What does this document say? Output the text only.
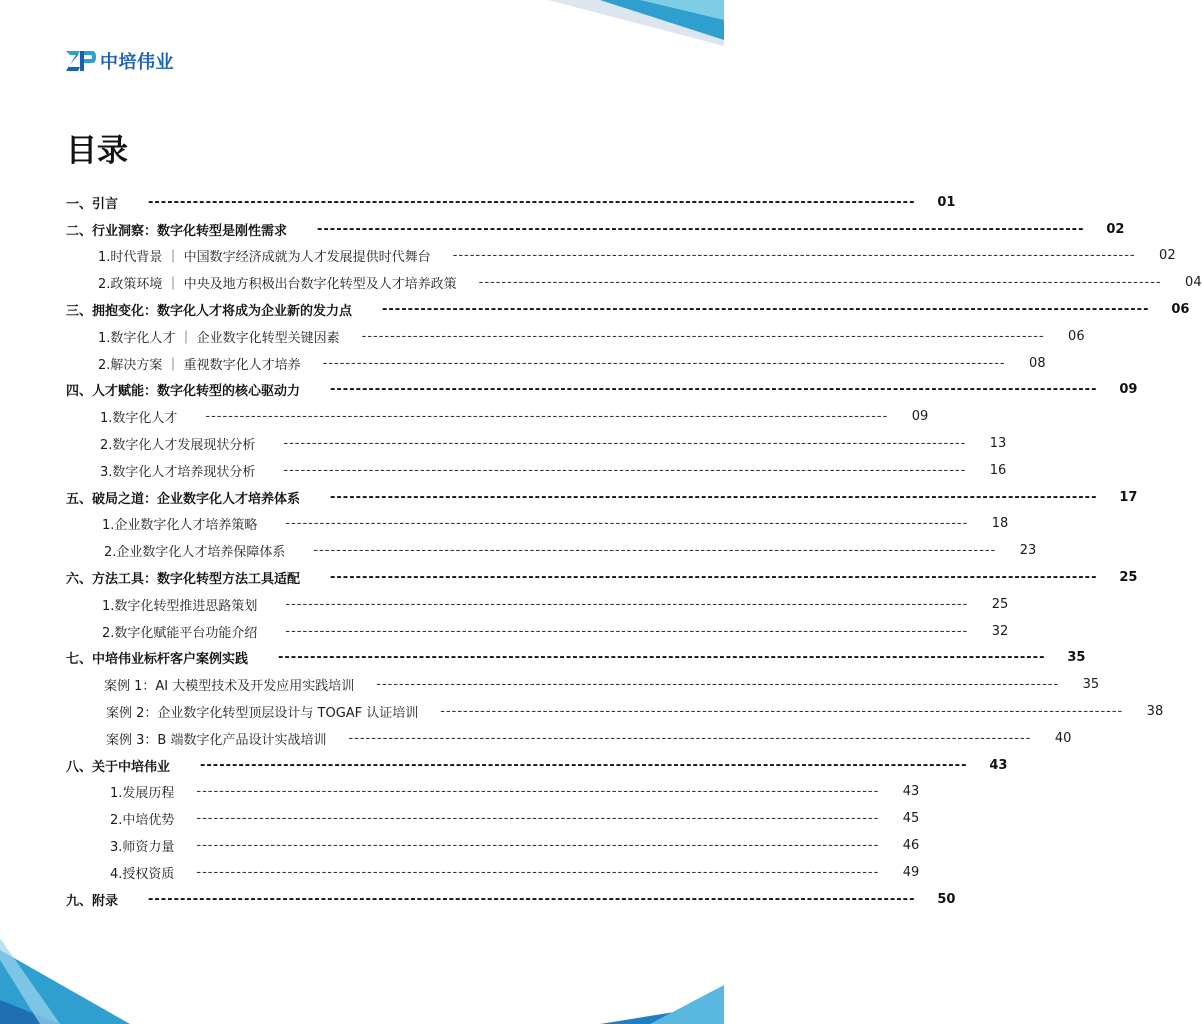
中培伟业
目录
一、引言 ------------------------------------------------------------------------------------------------------------------------	01
二、行业洞察：数字化转型是刚性需求 ------------------------------------------------------------------------------------------------------------------------	02
1.时代背景 ｜ 中国数字经济成就为人才发展提供时代舞台 ------------------------------------------------------------------------------------------------------------------------	02
2.政策环境 ｜ 中央及地方积极出台数字化转型及人才培养政策 ------------------------------------------------------------------------------------------------------------------------	04
三、拥抱变化：数字化人才将成为企业新的发力点 ------------------------------------------------------------------------------------------------------------------------	06
1.数字化人才 ｜ 企业数字化转型关键因素 ------------------------------------------------------------------------------------------------------------------------	06
2.解决方案 ｜ 重视数字化人才培养 ------------------------------------------------------------------------------------------------------------------------	08
四、人才赋能：数字化转型的核心驱动力 ------------------------------------------------------------------------------------------------------------------------	09
1.数字化人才 ------------------------------------------------------------------------------------------------------------------------	09
2.数字化人才发展现状分析 ------------------------------------------------------------------------------------------------------------------------	13
3.数字化人才培养现状分析 ------------------------------------------------------------------------------------------------------------------------	16
五、破局之道：企业数字化人才培养体系 ------------------------------------------------------------------------------------------------------------------------	17
1.企业数字化人才培养策略 ------------------------------------------------------------------------------------------------------------------------	18
2.企业数字化人才培养保障体系 ------------------------------------------------------------------------------------------------------------------------	23
六、方法工具：数字化转型方法工具适配 ------------------------------------------------------------------------------------------------------------------------	25
1.数字化转型推进思路策划 ------------------------------------------------------------------------------------------------------------------------	25
2.数字化赋能平台功能介绍 ------------------------------------------------------------------------------------------------------------------------	32
七、中培伟业标杆客户案例实践 ------------------------------------------------------------------------------------------------------------------------	35
案例 1：AI 大模型技术及开发应用实践培训 ------------------------------------------------------------------------------------------------------------------------	35
案例 2：企业数字化转型顶层设计与 TOGAF 认证培训 ------------------------------------------------------------------------------------------------------------------------	38
案例 3：B 端数字化产品设计实战培训 ------------------------------------------------------------------------------------------------------------------------	40
八、关于中培伟业 ------------------------------------------------------------------------------------------------------------------------	43
1.发展历程 ------------------------------------------------------------------------------------------------------------------------	43
2.中培优势 ------------------------------------------------------------------------------------------------------------------------	45
3.师资力量 ------------------------------------------------------------------------------------------------------------------------	46
4.授权资质 ------------------------------------------------------------------------------------------------------------------------	49
九、附录 ------------------------------------------------------------------------------------------------------------------------	50
